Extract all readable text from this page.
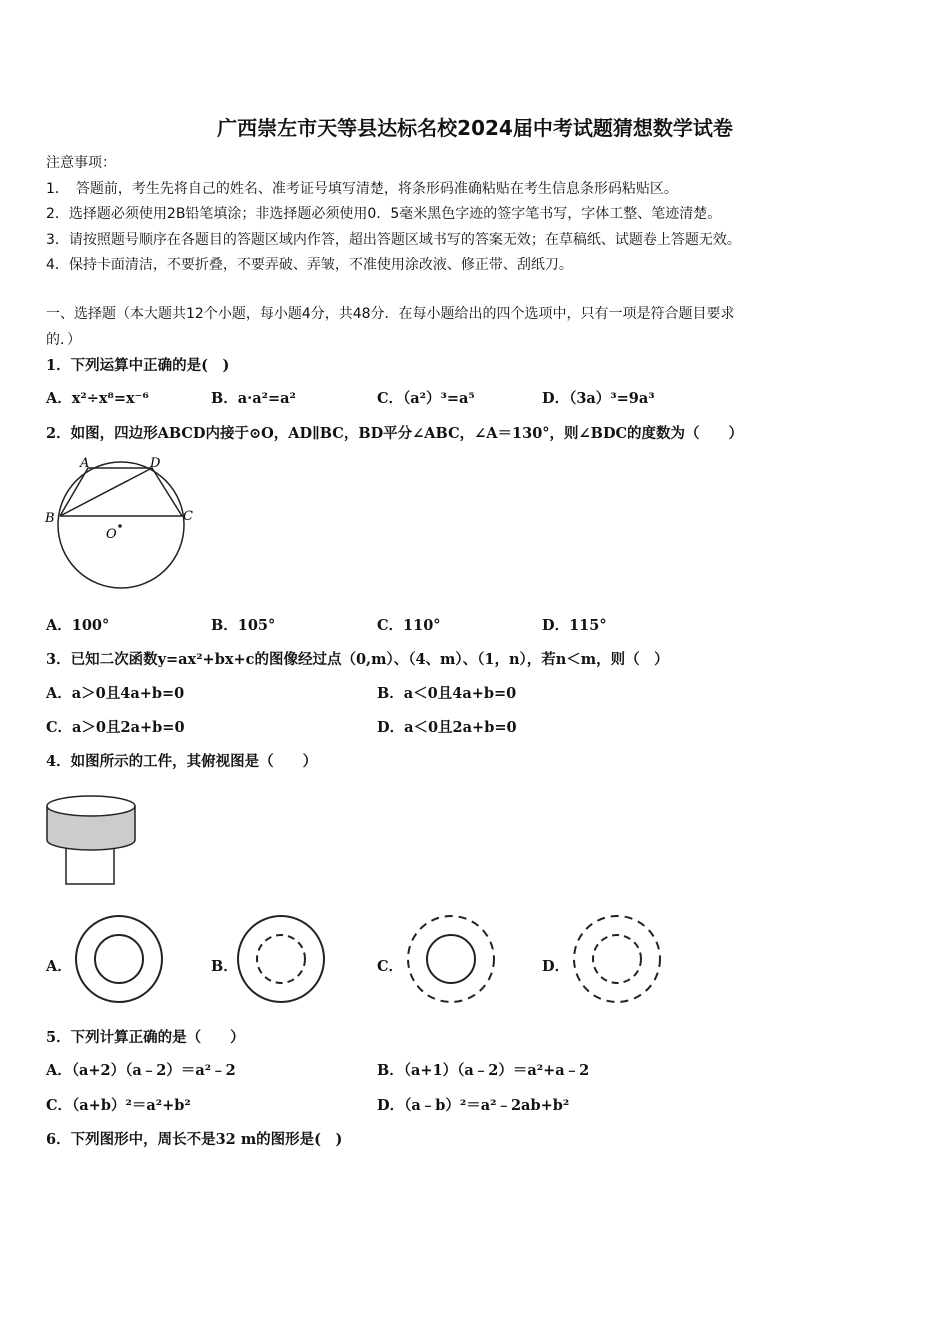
广西崇左市天等县达标名校2024届中考试题猜想数学试卷
注意事项：
1．　答题前，考生先将自己的姓名、准考证号填写清楚，将条形码准确粘贴在考生信息条形码粘贴区。
2．选择题必须使用2B铅笔填涂；非选择题必须使用0．5毫米黑色字迹的签字笔书写，字体工整、笔迹清楚。
3．请按照题号顺序在各题目的答题区域内作答，超出答题区域书写的答案无效；在草稿纸、试题卷上答题无效。
4．保持卡面清洁，不要折叠，不要弄破、弄皱，不准使用涂改液、修正带、刮纸刀。
一、选择题（本大题共12个小题，每小题4分，共48分．在每小题给出的四个选项中，只有一项是符合题目要求
的．）
1．下列运算中正确的是(　)
A．x²÷x⁸=x⁻⁶	B．a·a²=a²	C．（a²）³=a⁵	D．（3a）³=9a³
2．如图，四边形ABCD内接于⊙O，AD∥BC，BD平分∠ABC，∠A＝130°，则∠BDC的度数为（　　）
A	D
B	C
O
A．100°	B．105°	C．110°	D．115°
3．已知二次函数y=ax²+bx+c的图像经过点（0,m）、（4、m）、（1，n），若n＜m，则（　）
A．a＞0且4a+b=0	B．a＜0且4a+b=0
C．a＞0且2a+b=0	D．a＜0且2a+b=0
4．如图所示的工件，其俯视图是（　　）
A．	B．	C．	D．
5．下列计算正确的是（　　）
A．（a+2）（a﹣2）＝a²﹣2	B．（a+1）（a﹣2）＝a²+a﹣2
C．（a+b）²＝a²+b²	D．（a﹣b）²＝a²﹣2ab+b²
6．下列图形中，周长不是32 m的图形是(　)
